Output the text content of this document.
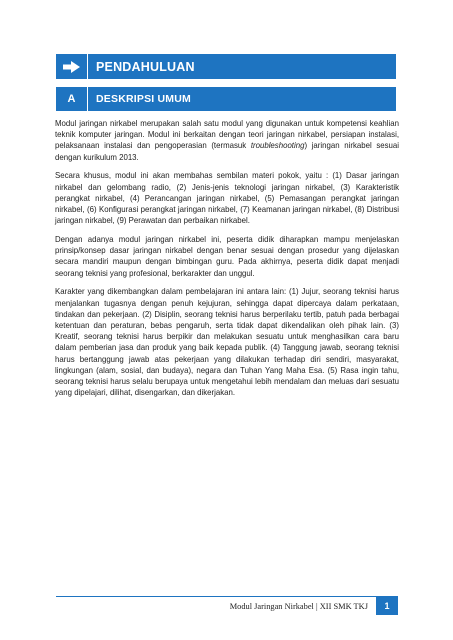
PENDAHULUAN
A	DESKRIPSI UMUM

Modul jaringan nirkabel merupakan salah satu modul yang digunakan untuk kompetensi keahlian teknik komputer jaringan. Modul ini berkaitan dengan teori jaringan nirkabel, persiapan instalasi, pelaksanaan instalasi dan pengoperasian (termasuk troubleshooting) jaringan nirkabel sesuai dengan kurikulum 2013.

Secara khusus, modul ini akan membahas sembilan materi pokok, yaitu : (1) Dasar jaringan nirkabel dan gelombang radio, (2) Jenis-jenis teknologi jaringan nirkabel, (3) Karakteristik perangkat nirkabel, (4) Perancangan jaringan nirkabel, (5) Pemasangan perangkat jaringan nirkabel, (6) Konfigurasi perangkat jaringan nirkabel, (7) Keamanan jaringan nirkabel, (8) Distribusi jaringan nirkabel, (9) Perawatan dan perbaikan nirkabel.

Dengan adanya modul jaringan nirkabel ini, peserta didik diharapkan mampu menjelaskan prinsip/konsep dasar jaringan nirkabel dengan benar sesuai dengan prosedur yang dijelaskan secara mandiri maupun dengan bimbingan guru. Pada akhirnya, peserta didik dapat menjadi seorang teknisi yang profesional, berkarakter dan unggul.

Karakter yang dikembangkan dalam pembelajaran ini antara lain: (1) Jujur, seorang teknisi harus menjalankan tugasnya dengan penuh kejujuran, sehingga dapat dipercaya dalam perkataan, tindakan dan pekerjaan. (2) Disiplin, seorang teknisi harus berperilaku tertib, patuh pada berbagai ketentuan dan peraturan, bebas pengaruh, serta tidak dapat dikendalikan oleh pihak lain. (3) Kreatif, seorang teknisi harus berpikir dan melakukan sesuatu untuk menghasilkan cara baru dalam pemberian jasa dan produk yang baik kepada publik. (4) Tanggung jawab, seorang teknisi harus bertanggung jawab atas pekerjaan yang dilakukan terhadap diri sendiri, masyarakat, lingkungan (alam, sosial, dan budaya), negara dan Tuhan Yang Maha Esa. (5) Rasa ingin tahu, seorang teknisi harus selalu berupaya untuk mengetahui lebih mendalam dan meluas dari sesuatu yang dipelajari, dilihat, disengarkan, dan dikerjakan.

Modul Jaringan Nirkabel | XII SMK TKJ	1
